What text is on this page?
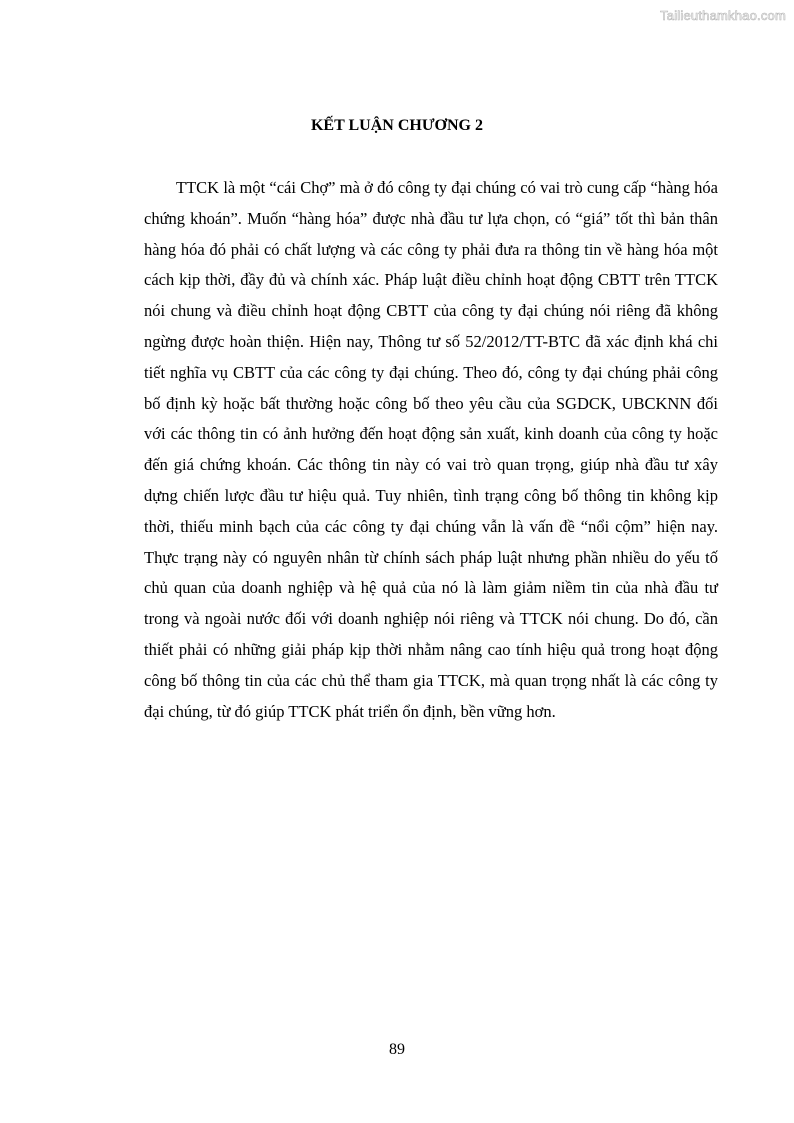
Tailieuthamkhao.com
KẾT LUẬN CHƯƠNG 2

TTCK là một “cái Chợ” mà ở đó công ty đại chúng có vai trò cung cấp “hàng hóa chứng khoán”. Muốn “hàng hóa” được nhà đầu tư lựa chọn, có “giá” tốt thì bản thân hàng hóa đó phải có chất lượng và các công ty phải đưa ra thông tin về hàng hóa một cách kịp thời, đầy đủ và chính xác. Pháp luật điều chỉnh hoạt động CBTT trên TTCK nói chung và điều chỉnh hoạt động CBTT của công ty đại chúng nói riêng đã không ngừng được hoàn thiện. Hiện nay, Thông tư số 52/2012/TT-BTC đã xác định khá chi tiết nghĩa vụ CBTT của các công ty đại chúng. Theo đó, công ty đại chúng phải công bố định kỳ hoặc bất thường hoặc công bố theo yêu cầu của SGDCK, UBCKNN đối với các thông tin có ảnh hưởng đến hoạt động sản xuất, kinh doanh của công ty hoặc đến giá chứng khoán. Các thông tin này có vai trò quan trọng, giúp nhà đầu tư xây dựng chiến lược đầu tư hiệu quả. Tuy nhiên, tình trạng công bố thông tin không kịp thời, thiếu minh bạch của các công ty đại chúng vẫn là vấn đề “nổi cộm” hiện nay. Thực trạng này có nguyên nhân từ chính sách pháp luật nhưng phần nhiều do yếu tố chủ quan của doanh nghiệp và hệ quả của nó là làm giảm niềm tin của nhà đầu tư trong và ngoài nước đối với doanh nghiệp nói riêng và TTCK nói chung. Do đó, cần thiết phải có những giải pháp kịp thời nhằm nâng cao tính hiệu quả trong hoạt động công bố thông tin của các chủ thể tham gia TTCK, mà quan trọng nhất là các công ty đại chúng, từ đó giúp TTCK phát triển ổn định, bền vững hơn.

89
